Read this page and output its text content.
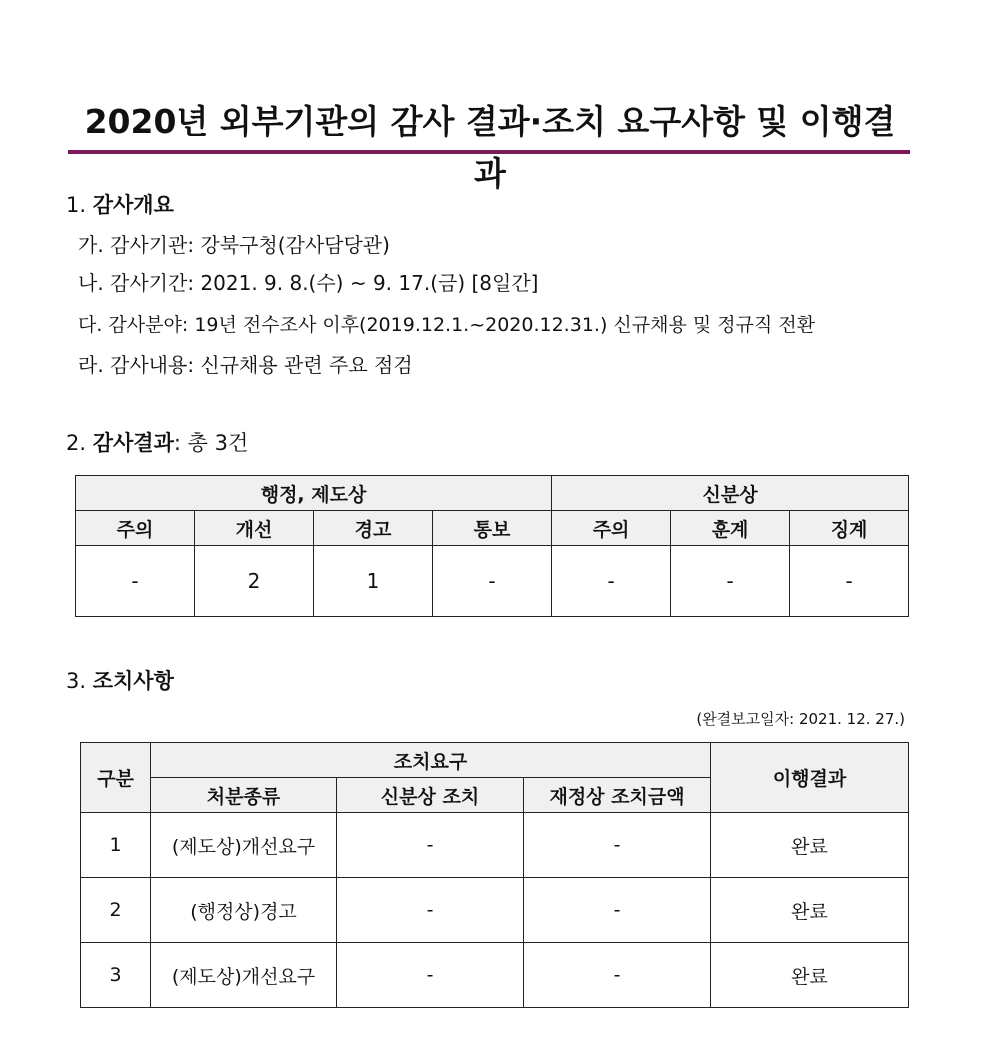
2020년 외부기관의 감사 결과·조치 요구사항 및 이행결과
1. 감사개요
가. 감사기관: 강북구청(감사담당관)
나. 감사기간: 2021. 9. 8.(수) ~ 9. 17.(금) [8일간]
다. 감사분야: 19년 전수조사 이후(2019.12.1.~2020.12.31.) 신규채용 및 정규직 전환
라. 감사내용: 신규채용 관련 주요 점검
2. 감사결과: 총 3건
행정, 제도상				신분상		
주의	개선	경고	통보	주의	훈계	징계
-	2	1	-	-	-	-
3. 조치사항
(완결보고일자: 2021. 12. 27.)
구분	조치요구			이행결과
	처분종류	신분상 조치	재정상 조치금액	
1	(제도상)개선요구	-	-	완료
2	(행정상)경고	-	-	완료
3	(제도상)개선요구	-	-	완료
